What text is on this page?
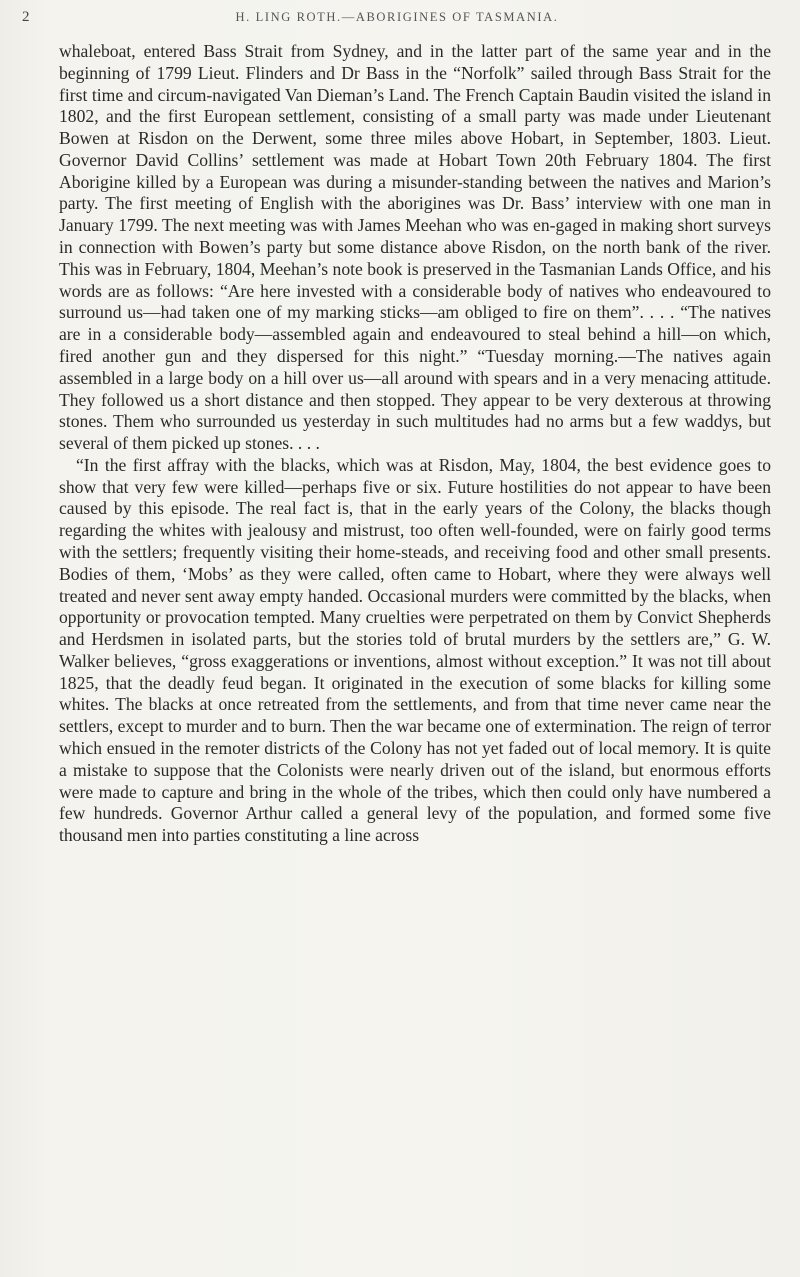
2	H. LING ROTH.—ABORIGINES OF TASMANIA.

whaleboat, entered Bass Strait from Sydney, and in the latter part of the same year and in the beginning of 1799 Lieut. Flinders and Dr Bass in the “Norfolk” sailed through Bass Strait for the first time and circum-navigated Van Dieman’s Land. The French Captain Baudin visited the island in 1802, and the first European settlement, consisting of a small party was made under Lieutenant Bowen at Risdon on the Derwent, some three miles above Hobart, in September, 1803. Lieut. Governor David Collins’ settlement was made at Hobart Town 20th February 1804. The first Aborigine killed by a European was during a misunder-standing between the natives and Marion’s party. The first meeting of English with the aborigines was Dr. Bass’ interview with one man in January 1799. The next meeting was with James Meehan who was en-gaged in making short surveys in connection with Bowen’s party but some distance above Risdon, on the north bank of the river. This was in February, 1804, Meehan’s note book is preserved in the Tasmanian Lands Office, and his words are as follows: “Are here invested with a considerable body of natives who endeavoured to surround us—had taken one of my marking sticks—am obliged to fire on them”. . . . “The natives are in a considerable body—assembled again and endeavoured to steal behind a hill—on which, fired another gun and they dispersed for this night.” “Tuesday morning.—The natives again assembled in a large body on a hill over us—all around with spears and in a very menacing attitude. They followed us a short distance and then stopped. They appear to be very dexterous at throwing stones. Them who surrounded us yesterday in such multitudes had no arms but a few waddys, but several of them picked up stones. . . .

“In the first affray with the blacks, which was at Risdon, May, 1804, the best evidence goes to show that very few were killed—perhaps five or six. Future hostilities do not appear to have been caused by this episode. The real fact is, that in the early years of the Colony, the blacks though regarding the whites with jealousy and mistrust, too often well-founded, were on fairly good terms with the settlers; frequently visiting their home-steads, and receiving food and other small presents. Bodies of them, ‘Mobs’ as they were called, often came to Hobart, where they were always well treated and never sent away empty handed. Occasional murders were committed by the blacks, when opportunity or provocation tempted. Many cruelties were perpetrated on them by Convict Shepherds and Herdsmen in isolated parts, but the stories told of brutal murders by the settlers are,” G. W. Walker believes, “gross exaggerations or inventions, almost without exception.” It was not till about 1825, that the deadly feud began. It originated in the execution of some blacks for killing some whites. The blacks at once retreated from the settlements, and from that time never came near the settlers, except to murder and to burn. Then the war became one of extermination. The reign of terror which ensued in the remoter districts of the Colony has not yet faded out of local memory. It is quite a mistake to suppose that the Colonists were nearly driven out of the island, but enormous efforts were made to capture and bring in the whole of the tribes, which then could only have numbered a few hundreds. Governor Arthur called a general levy of the population, and formed some five thousand men into parties constituting a line across
